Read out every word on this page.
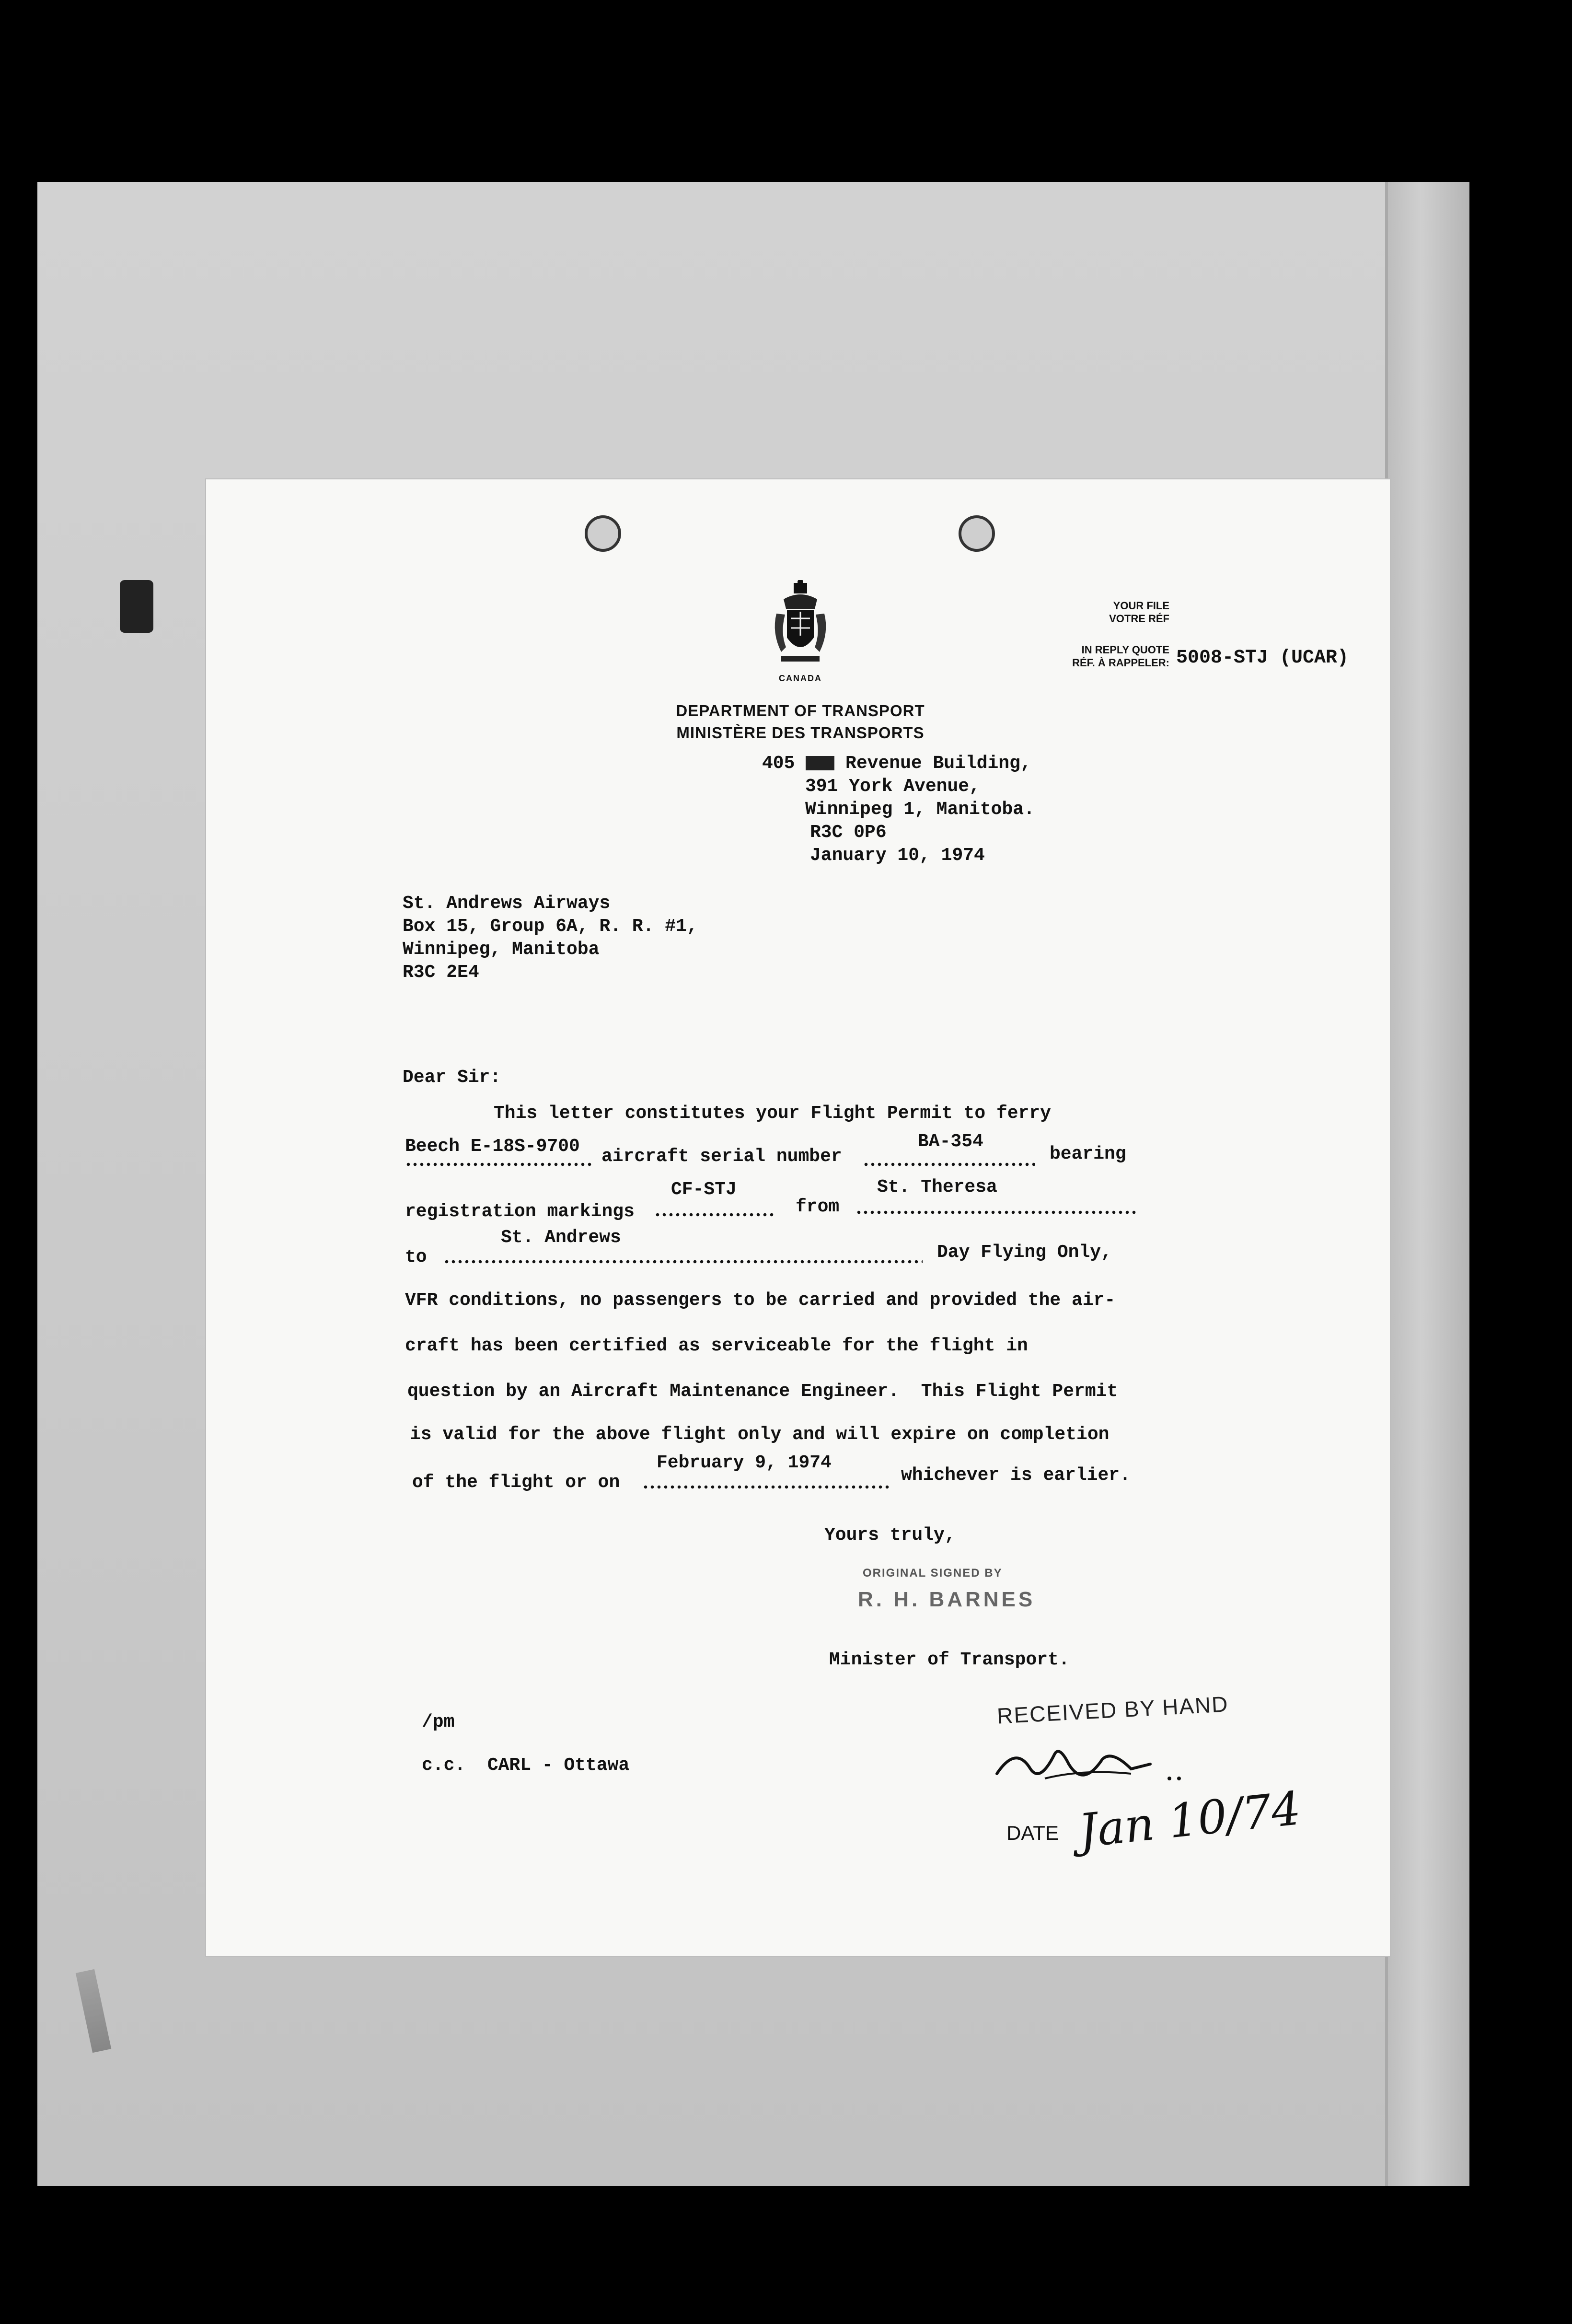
CANADA
DEPARTMENT OF TRANSPORT
MINISTÈRE DES TRANSPORTS
YOUR FILE
VOTRE RÉF
IN REPLY QUOTE
RÉF. À RAPPELER: 5008-STJ (UCAR)
405	Revenue Building,
391 York Avenue,
Winnipeg 1, Manitoba.
R3C 0P6
January 10, 1974
St. Andrews Airways
Box 15, Group 6A, R. R. #1,
Winnipeg, Manitoba
R3C 2E4
Dear Sir:
This letter constitutes your Flight Permit to ferry
Beech E-18S-9700 aircraft serial number
BA-354
bearing
registration markings
CF-STJ
from
St. Theresa
to
St. Andrews
Day Flying Only,
VFR conditions, no passengers to be carried and provided the air-
craft has been certified as serviceable for the flight in
question by an Aircraft Maintenance Engineer.  This Flight Permit
is valid for the above flight only and will expire on completion
of the flight or on
February 9, 1974
whichever is earlier.
Yours truly,
ORIGINAL SIGNED BY
R. H. BARNES
Minister of Transport.
/pm
c.c.  CARL - Ottawa
RECEIVED BY HAND
DATE Jan 10/74
